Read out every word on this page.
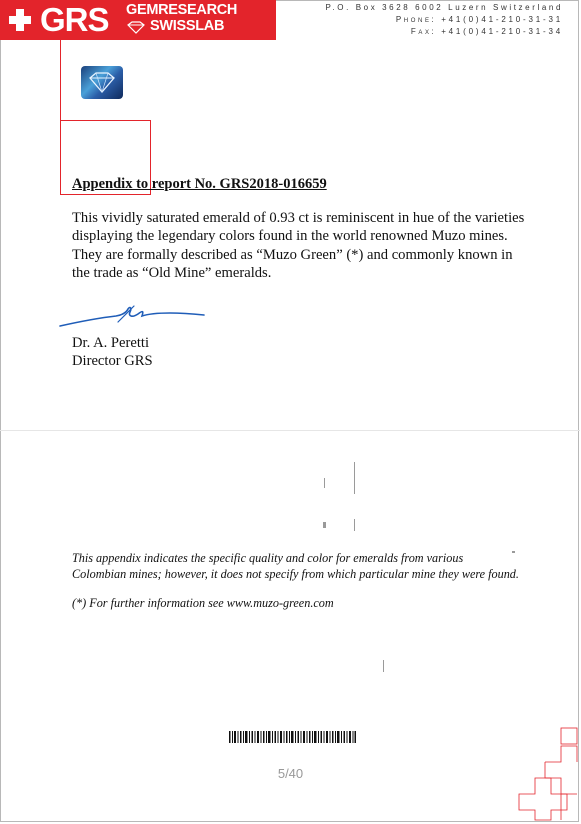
GRS GEMRESEARCH
SWISSLAB
P.O. Box 3628 6002 Luzern Switzerland
Phone: +41(0)41-210-31-31
Fax: +41(0)41-210-31-34
Appendix to report No. GRS2018-016659
This vividly saturated emerald of 0.93 ct is reminiscent in hue of the varieties
displaying the legendary colors found in the world renowned Muzo mines.
They are formally described as “Muzo Green” (*) and commonly known in
the trade as “Old Mine” emeralds.
Dr. A. Peretti
Director GRS
This appendix indicates the specific quality and color for emeralds from various
Colombian mines; however, it does not specify from which particular mine they were found.
(*) For further information see www.muzo-green.com
5/40
